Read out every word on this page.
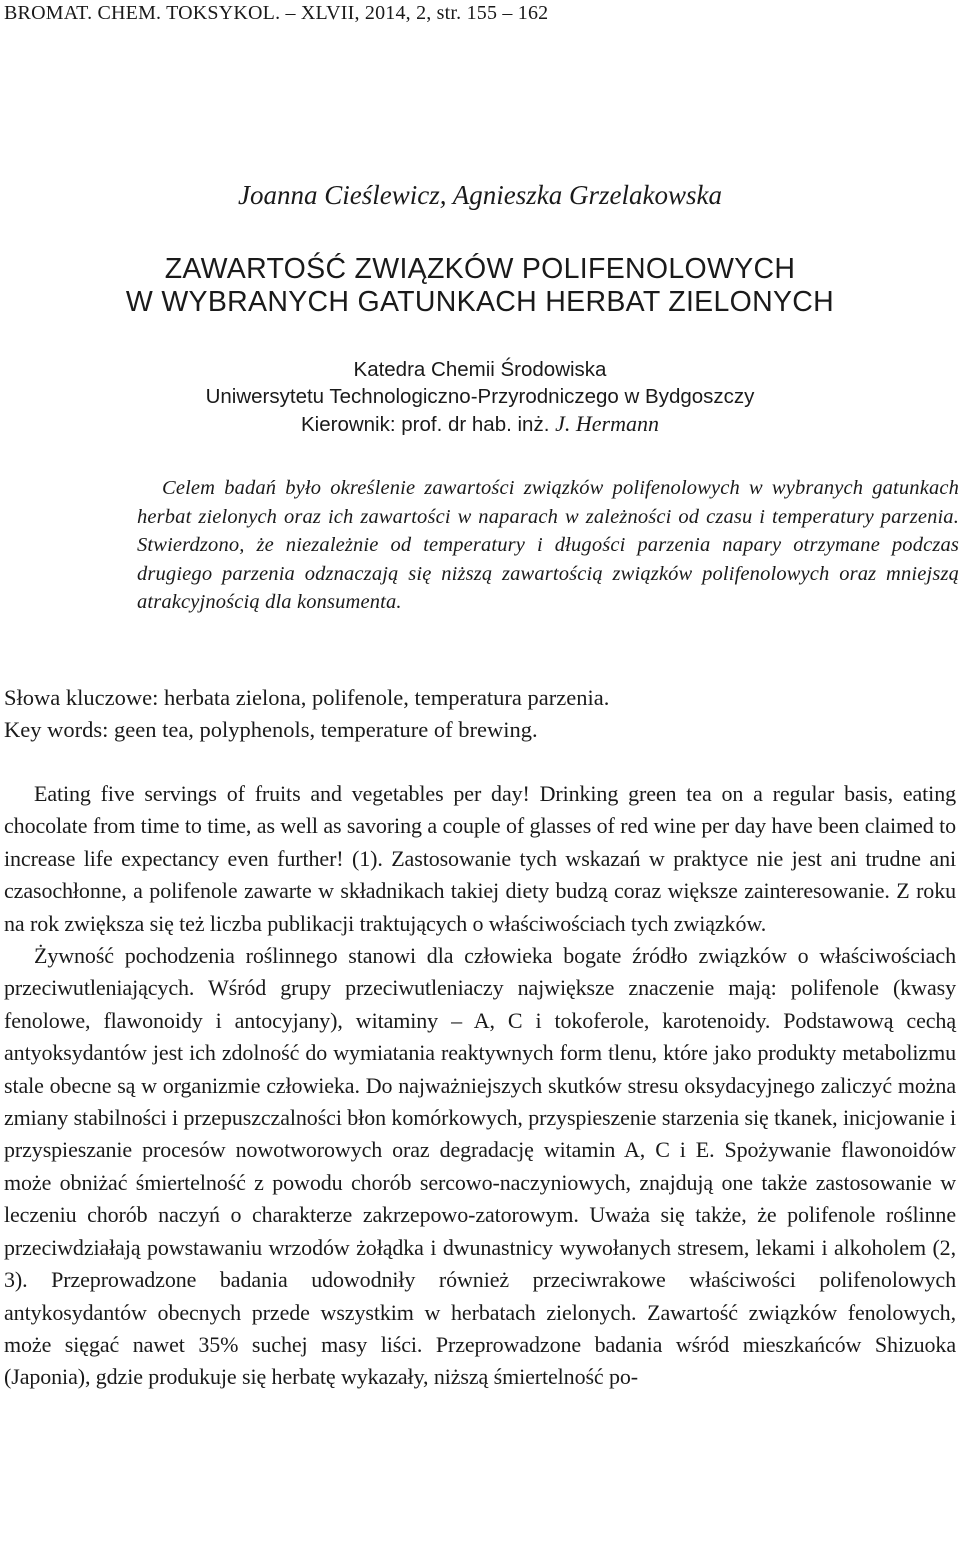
BROMAT. CHEM. TOKSYKOL. – XLVII, 2014, 2, str. 155 – 162
Joanna Cieślewicz, Agnieszka Grzelakowska
ZAWARTOŚĆ ZWIĄZKÓW POLIFENOLOWYCH
W WYBRANYCH GATUNKACH HERBAT ZIELONYCH
Katedra Chemii Środowiska
Uniwersytetu Technologiczno-Przyrodniczego w Bydgoszczy
Kierownik: prof. dr hab. inż. J. Hermann
Celem badań było określenie zawartości związków polifenolowych w wybranych gatunkach herbat zielonych oraz ich zawartości w naparach w zależności od czasu i temperatury parzenia. Stwierdzono, że niezależnie od temperatury i długości parzenia napary otrzymane podczas drugiego parzenia odznaczają się niższą zawartością związków polifenolowych oraz mniejszą atrakcyjnością dla konsumenta.
Słowa kluczowe: herbata zielona, polifenole, temperatura parzenia.
Key words: geen tea, polyphenols, temperature of brewing.

Eating five servings of fruits and vegetables per day! Drinking green tea on a regular basis, eating chocolate from time to time, as well as savoring a couple of glasses of red wine per day have been claimed to increase life expectancy even further! (1). Zastosowanie tych wskazań w praktyce nie jest ani trudne ani czasochłonne, a polifenole zawarte w składnikach takiej diety budzą coraz większe zainteresowanie. Z roku na rok zwiększa się też liczba publikacji traktujących o właściwościach tych związków.

Żywność pochodzenia roślinnego stanowi dla człowieka bogate źródło związków o właściwościach przeciwutleniających. Wśród grupy przeciwutleniaczy największe znaczenie mają: polifenole (kwasy fenolowe, flawonoidy i antocyjany), witaminy – A, C i tokoferole, karotenoidy. Podstawową cechą antyoksydantów jest ich zdolność do wymiatania reaktywnych form tlenu, które jako produkty metabolizmu stale obecne są w organizmie człowieka. Do najważniejszych skutków stresu oksydacyjnego zaliczyć można zmiany stabilności i przepuszczalności błon komórkowych, przyspieszenie starzenia się tkanek, inicjowanie i przyspieszanie procesów nowotworowych oraz degradację witamin A, C i E. Spożywanie flawonoidów może obniżać śmiertelność z powodu chorób sercowo-naczyniowych, znajdują one także zastosowanie w leczeniu chorób naczyń o charakterze zakrzepowo-zatorowym. Uważa się także, że polifenole roślinne przeciwdziałają powstawaniu wrzodów żołądka i dwunastnicy wywołanych stresem, lekami i alkoholem (2, 3). Przeprowadzone badania udowodniły również przeciwrakowe właściwości polifenolowych antykosydantów obecnych przede wszystkim w herbatach zielonych. Zawartość związków fenolowych, może sięgać nawet 35% suchej masy liści. Przeprowadzone badania wśród mieszkańców Shizuoka (Japonia), gdzie produkuje się herbatę wykazały, niższą śmiertelność po-
